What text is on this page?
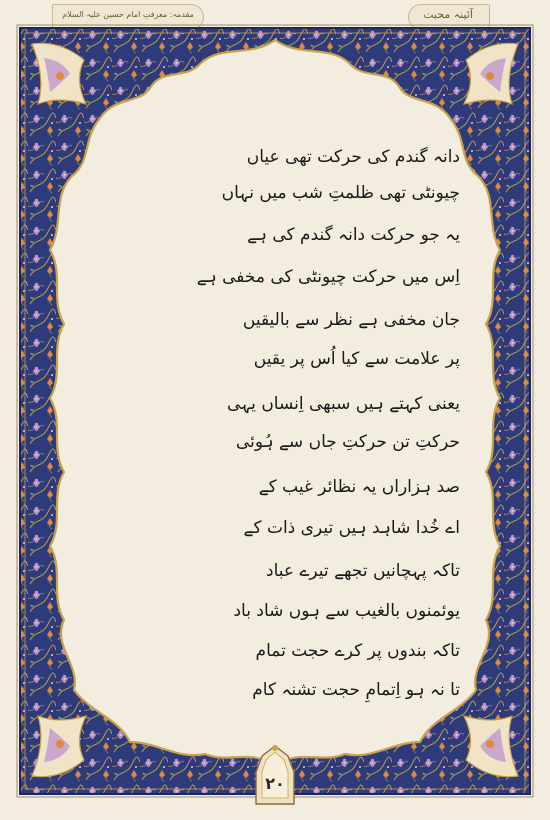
مقدمہ: معرفتِ امام حسین علیہ السلام	آئینہ محبت
دانہ گندم کی حرکت تھی عیاں
چیونٹی تھی ظلمتِ شب میں نہاں
یہ جو حرکت دانہ گندم کی ہے
اِس میں حرکت چیونٹی کی مخفی ہے
جان مخفی ہے نظر سے بالیقیں
پر علامت سے کیا اُس پر یقیں
یعنی کہتے ہیں سبھی اِنساں یہی
حرکتِ تن حرکتِ جاں سے ہُوئی
صد ہزاراں یہ نظائر غیب کے
اے خُدا شاہد ہیں تیری ذات کے
تاکہ پہچانیں تجھے تیرے عباد
یوئمنوں بالغیب سے ہوں شاد باد
تاکہ بندوں پر کرے حجت تمام
تا نہ ہو اِتمامِ حجت تشنہ کام
۲۰
